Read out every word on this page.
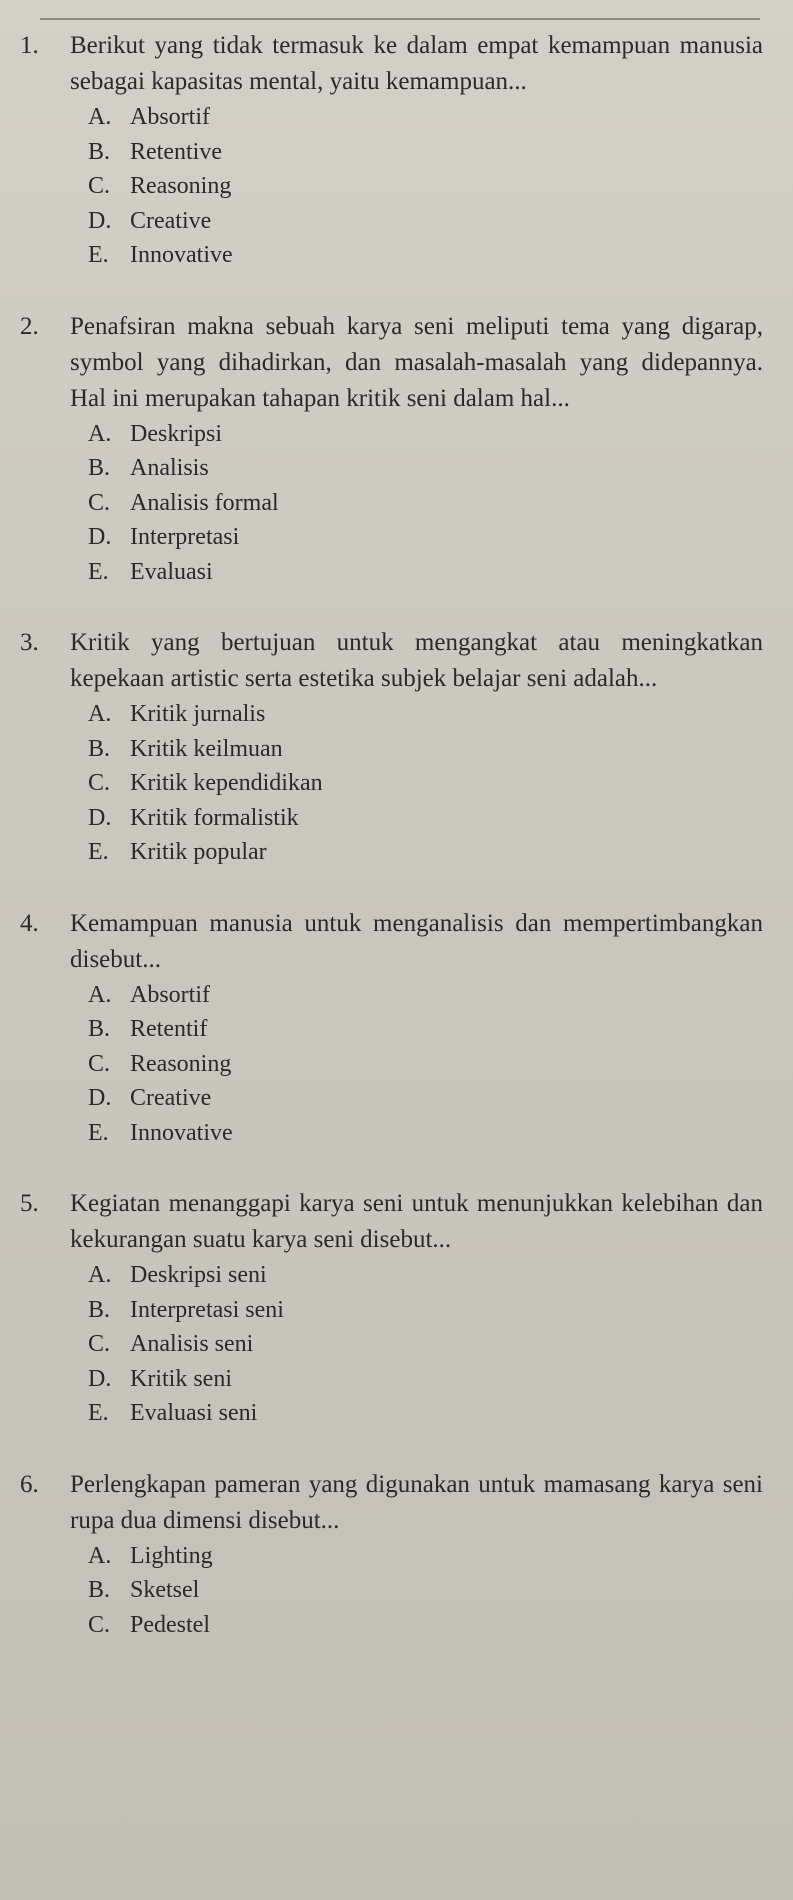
1.	Berikut yang tidak termasuk ke dalam empat kemampuan manusia sebagai kapasitas mental, yaitu kemampuan...
A. Absortif
B. Retentive
C. Reasoning
D. Creative
E. Innovative
2.	Penafsiran makna sebuah karya seni meliputi tema yang digarap, symbol yang dihadirkan, dan masalah-masalah yang didepannya. Hal ini merupakan tahapan kritik seni dalam hal...
A. Deskripsi
B. Analisis
C. Analisis formal
D. Interpretasi
E. Evaluasi
3.	Kritik yang bertujuan untuk mengangkat atau meningkatkan kepekaan artistic serta estetika subjek belajar seni adalah...
A. Kritik jurnalis
B. Kritik keilmuan
C. Kritik kependidikan
D. Kritik formalistik
E. Kritik popular
4.	Kemampuan manusia untuk menganalisis dan mempertimbangkan disebut...
A. Absortif
B. Retentif
C. Reasoning
D. Creative
E. Innovative
5.	Kegiatan menanggapi karya seni untuk menunjukkan kelebihan dan kekurangan suatu karya seni disebut...
A. Deskripsi seni
B. Interpretasi seni
C. Analisis seni
D. Kritik seni
E. Evaluasi seni
6.	Perlengkapan pameran yang digunakan untuk mamasang karya seni rupa dua dimensi disebut...
A. Lighting
B. Sketsel
C. Pedestel
